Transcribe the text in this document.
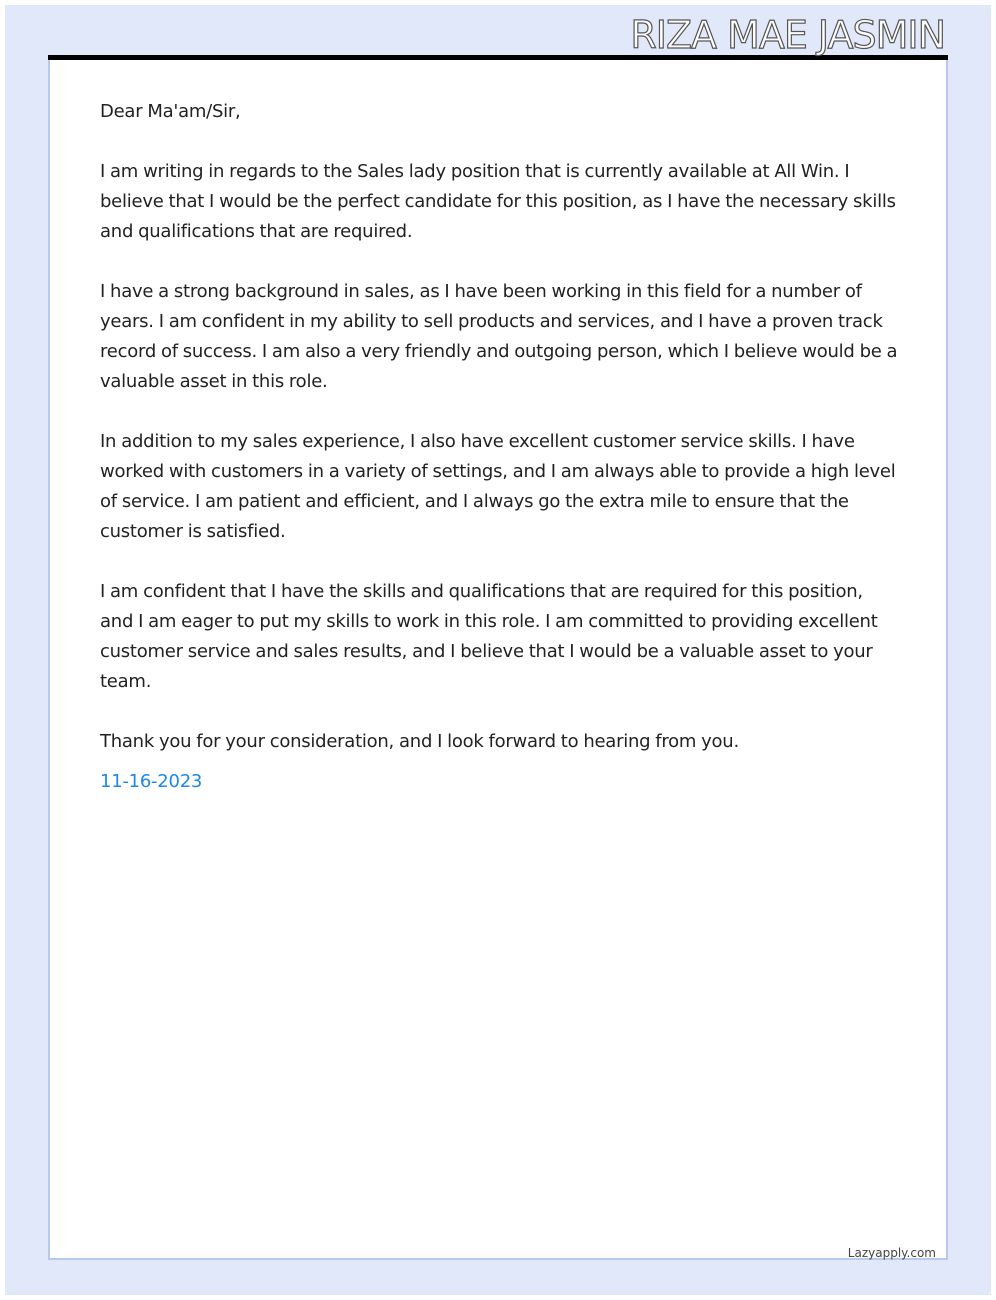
RIZA MAE JASMIN

Dear Ma'am/Sir,

I am writing in regards to the Sales lady position that is currently available at All Win. I believe that I would be the perfect candidate for this position, as I have the necessary skills and qualifications that are required.

I have a strong background in sales, as I have been working in this field for a number of years. I am confident in my ability to sell products and services, and I have a proven track record of success. I am also a very friendly and outgoing person, which I believe would be a valuable asset in this role.

In addition to my sales experience, I also have excellent customer service skills. I have worked with customers in a variety of settings, and I am always able to provide a high level of service. I am patient and efficient, and I always go the extra mile to ensure that the customer is satisfied.

I am confident that I have the skills and qualifications that are required for this position, and I am eager to put my skills to work in this role. I am committed to providing excellent customer service and sales results, and I believe that I would be a valuable asset to your team.

Thank you for your consideration, and I look forward to hearing from you.

11-16-2023

Lazyapply.com
